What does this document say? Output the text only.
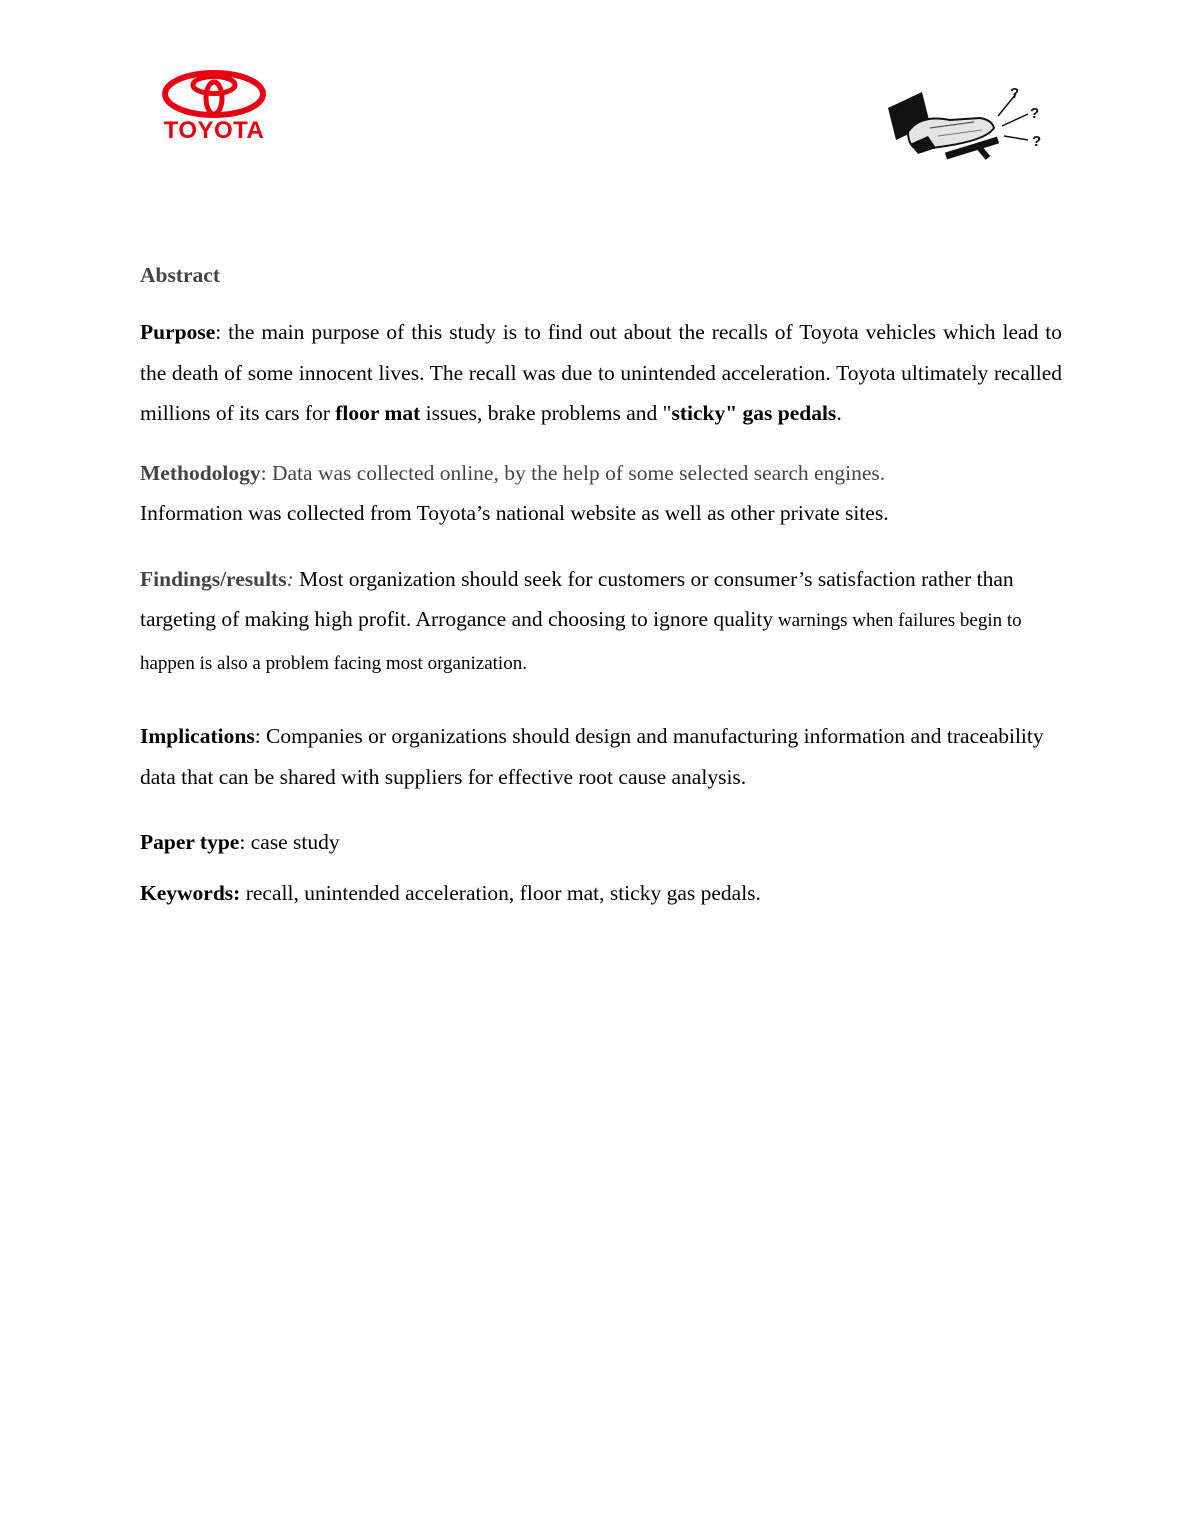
TOYOTA
?
?
?
Abstract

Purpose: the main purpose of this study is to find out about the recalls of Toyota vehicles which lead to the death of some innocent lives. The recall was due to unintended acceleration. Toyota ultimately recalled millions of its cars for floor mat issues, brake problems and "sticky" gas pedals.

Methodology: Data was collected online, by the help of some selected search engines.
Information was collected from Toyota’s national website as well as other private sites.

Findings/results: Most organization should seek for customers or consumer’s satisfaction rather than targeting of making high profit. Arrogance and choosing to ignore quality warnings when failures begin to happen is also a problem facing most organization.

Implications: Companies or organizations should design and manufacturing information and traceability data that can be shared with suppliers for effective root cause analysis.

Paper type: case study

Keywords: recall, unintended acceleration, floor mat, sticky gas pedals.
